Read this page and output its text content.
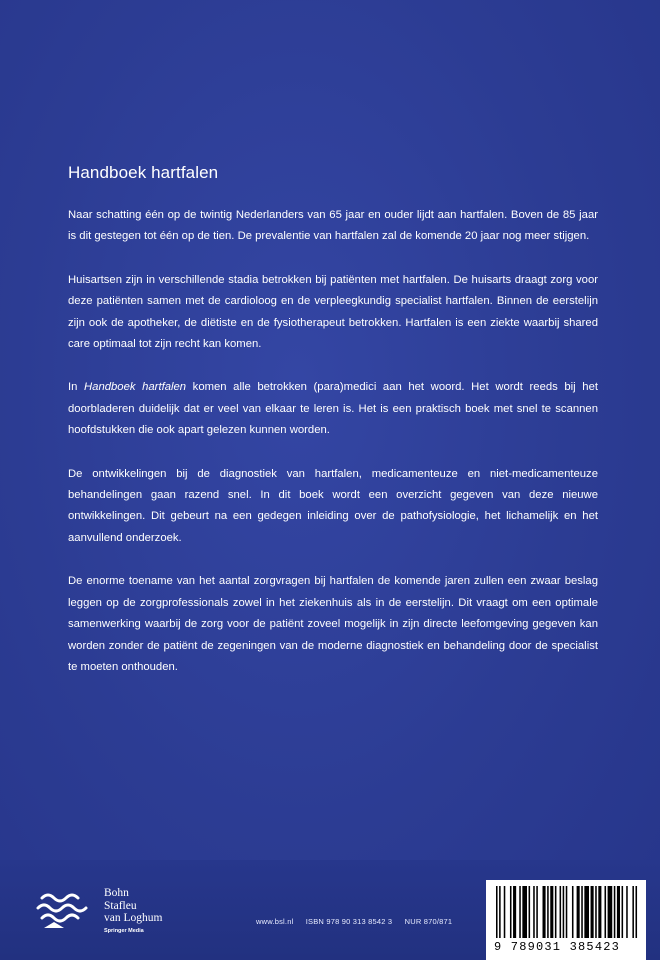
Handboek hartfalen

Naar schatting één op de twintig Nederlanders van 65 jaar en ouder lijdt aan hartfalen. Boven de 85 jaar is dit gestegen tot één op de tien. De prevalentie van hartfalen zal de komende 20 jaar nog meer stijgen.

Huisartsen zijn in verschillende stadia betrokken bij patiënten met hartfalen. De huisarts draagt zorg voor deze patiënten samen met de cardioloog en de verpleegkundig specialist hartfalen. Binnen de eerstelijn zijn ook de apotheker, de diëtiste en de fysiotherapeut betrokken. Hartfalen is een ziekte waarbij shared care optimaal tot zijn recht kan komen.

In Handboek hartfalen komen alle betrokken (para)medici aan het woord. Het wordt reeds bij het doorbladeren duidelijk dat er veel van elkaar te leren is. Het is een praktisch boek met snel te scannen hoofdstukken die ook apart gelezen kunnen worden.

De ontwikkelingen bij de diagnostiek van hartfalen, medicamenteuze en niet-medicamenteuze behandelingen gaan razend snel. In dit boek wordt een overzicht gegeven van deze nieuwe ontwikkelingen. Dit gebeurt na een gedegen inleiding over de pathofysiologie, het lichamelijk en het aanvullend onderzoek.

De enorme toename van het aantal zorgvragen bij hartfalen de komende jaren zullen een zwaar beslag leggen op de zorgprofessionals zowel in het ziekenhuis als in de eerstelijn. Dit vraagt om een optimale samenwerking waarbij de zorg voor de patiënt zoveel mogelijk in zijn directe leefomgeving gegeven kan worden zonder de patiënt de zegeningen van de moderne diagnostiek en behandeling door de specialist te moeten onthouden.

Bohn
Stafleu
van Loghum
Springer Media
www.bsl.nl ISBN 978 90 313 8542 3 NUR 870/871
9 789031 385423
